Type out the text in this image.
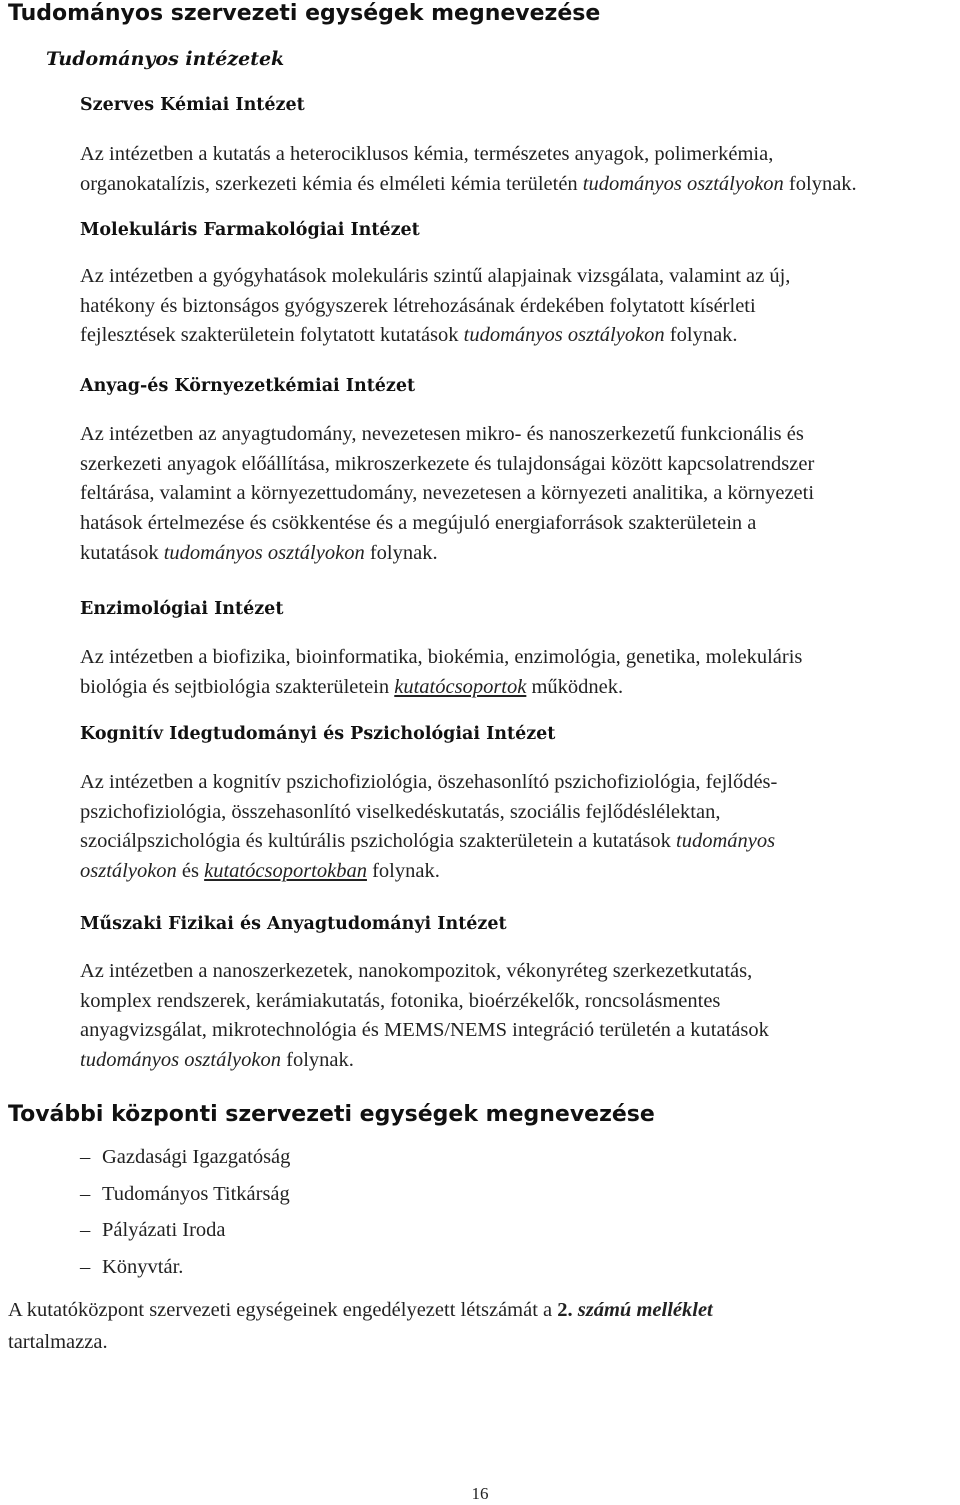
Tudományos szervezeti egységek megnevezése
Tudományos intézetek
Szerves Kémiai Intézet

Az intézetben a kutatás a heterociklusos kémia, természetes anyagok, polimerkémia,

organokatalízis, szerkezeti kémia és elméleti kémia területén tudományos osztályokon folynak.

Molekuláris Farmakológiai Intézet

Az intézetben a gyógyhatások molekuláris szintű alapjainak vizsgálata, valamint az új,

hatékony és biztonságos gyógyszerek létrehozásának érdekében folytatott kísérleti

fejlesztések szakterületein folytatott kutatások tudományos osztályokon folynak.

Anyag-és Környezetkémiai Intézet

Az intézetben az anyagtudomány, nevezetesen mikro- és nanoszerkezetű funkcionális és

szerkezeti anyagok előállítása, mikroszerkezete és tulajdonságai között kapcsolatrendszer

feltárása, valamint a környezettudomány, nevezetesen a környezeti analitika, a környezeti

hatások értelmezése és csökkentése és a megújuló energiaforrások szakterületein a

kutatások tudományos osztályokon folynak.

Enzimológiai Intézet

Az intézetben a biofizika, bioinformatika, biokémia, enzimológia, genetika, molekuláris

biológia és sejtbiológia szakterületein kutatócsoportok működnek.

Kognitív Idegtudományi és Pszichológiai Intézet

Az intézetben a kognitív pszichofiziológia, öszehasonlító pszichofiziológia, fejlődés-

pszichofiziológia, összehasonlító viselkedéskutatás, szociális fejlődéslélektan,

szociálpszichológia és kultúrális pszichológia szakterületein a kutatások tudományos

osztályokon és kutatócsoportokban folynak.

Műszaki Fizikai és Anyagtudományi Intézet

Az intézetben a nanoszerkezetek, nanokompozitok, vékonyréteg szerkezetkutatás,

komplex rendszerek, kerámiakutatás, fotonika, bioérzékelők, roncsolásmentes

anyagvizsgálat, mikrotechnológia és MEMS/NEMS integráció területén a kutatások

tudományos osztályokon folynak.

További központi szervezeti egységek megnevezése
– Gazdasági Igazgatóság
– Tudományos Titkárság
– Pályázati Iroda
– Könyvtár.

A kutatóközpont szervezeti egységeinek engedélyezett létszámát a 2. számú melléklet

tartalmazza.

16
